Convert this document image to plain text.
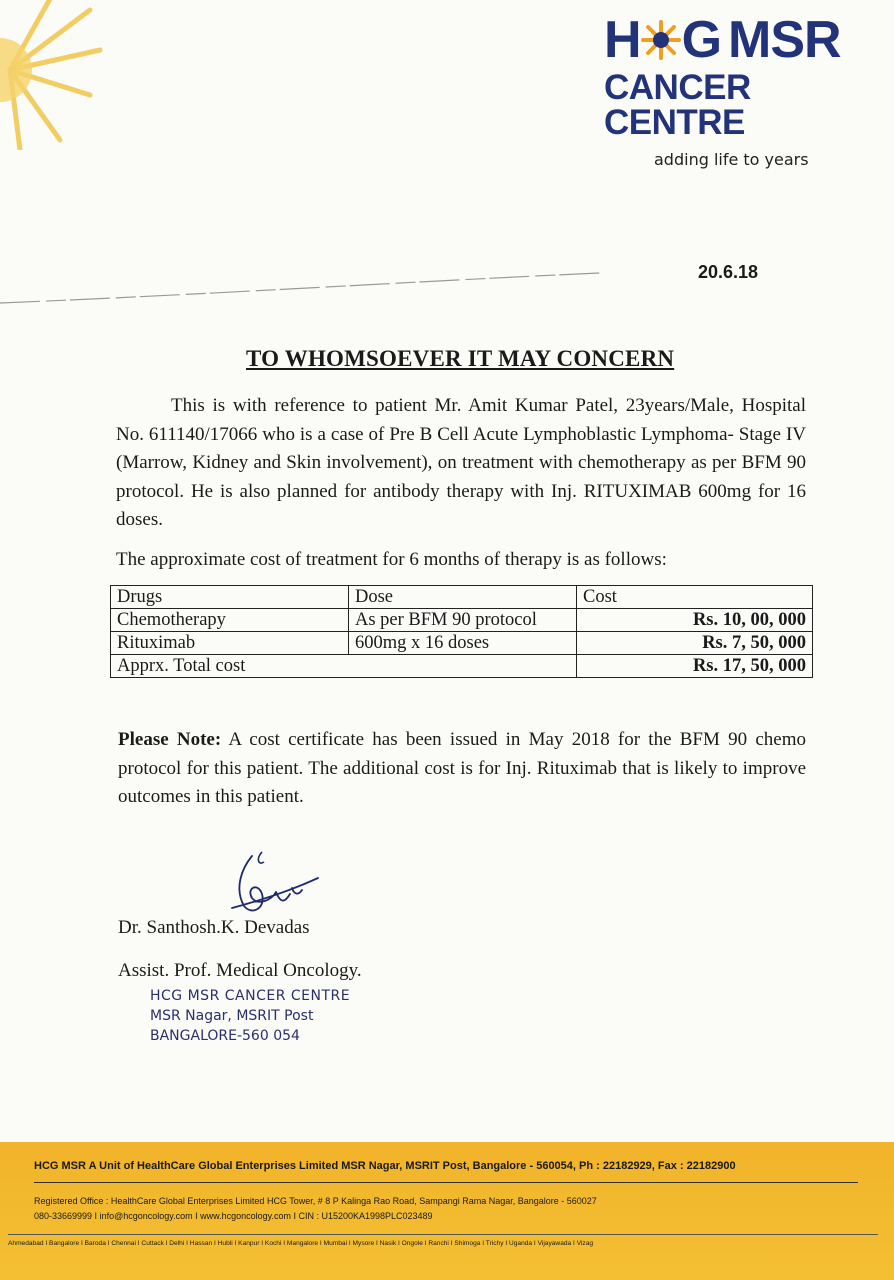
H G MSR
CANCER CENTRE
adding life to years
20.6.18
TO WHOMSOEVER IT MAY CONCERN
This is with reference to patient Mr. Amit Kumar Patel, 23years/Male, Hospital No. 611140/17066 who is a case of Pre B Cell Acute Lymphoblastic Lymphoma- Stage IV (Marrow, Kidney and Skin involvement), on treatment with chemotherapy as per BFM 90 protocol. He is also planned for antibody therapy with Inj. RITUXIMAB 600mg for 16 doses.
The approximate cost of treatment for 6 months of therapy is as follows:
Drugs	Dose	Cost
Chemotherapy	As per BFM 90 protocol	Rs. 10, 00, 000
Rituximab	600mg x 16 doses	Rs. 7, 50, 000
Apprx. Total cost		Rs. 17, 50, 000
Please Note: A cost certificate has been issued in May 2018 for the BFM 90 chemo protocol for this patient. The additional cost is for Inj. Rituximab that is likely to improve outcomes in this patient.
Dr. Santhosh.K. Devadas
Assist. Prof. Medical Oncology.
HCG MSR CANCER CENTRE
MSR Nagar, MSRIT Post
BANGALORE-560 054
HCG MSR A Unit of HealthCare Global Enterprises Limited MSR Nagar, MSRIT Post, Bangalore - 560054, Ph : 22182929, Fax : 22182900
Registered Office : HealthCare Global Enterprises Limited HCG Tower, # 8 P Kalinga Rao Road, Sampangi Rama Nagar, Bangalore - 560027
080-33669999 I info@hcgoncology.com I www.hcgoncology.com I CIN : U15200KA1998PLC023489
Ahmedabad I Bangalore I Baroda I Chennai I Cuttack I Delhi I Hassan I Hubli I Kanpur I Kochi I Mangalore I Mumbai I Mysore I Nasik I Ongole I Ranchi I Shimoga I Trichy I Uganda I Vijayawada I Vizag
